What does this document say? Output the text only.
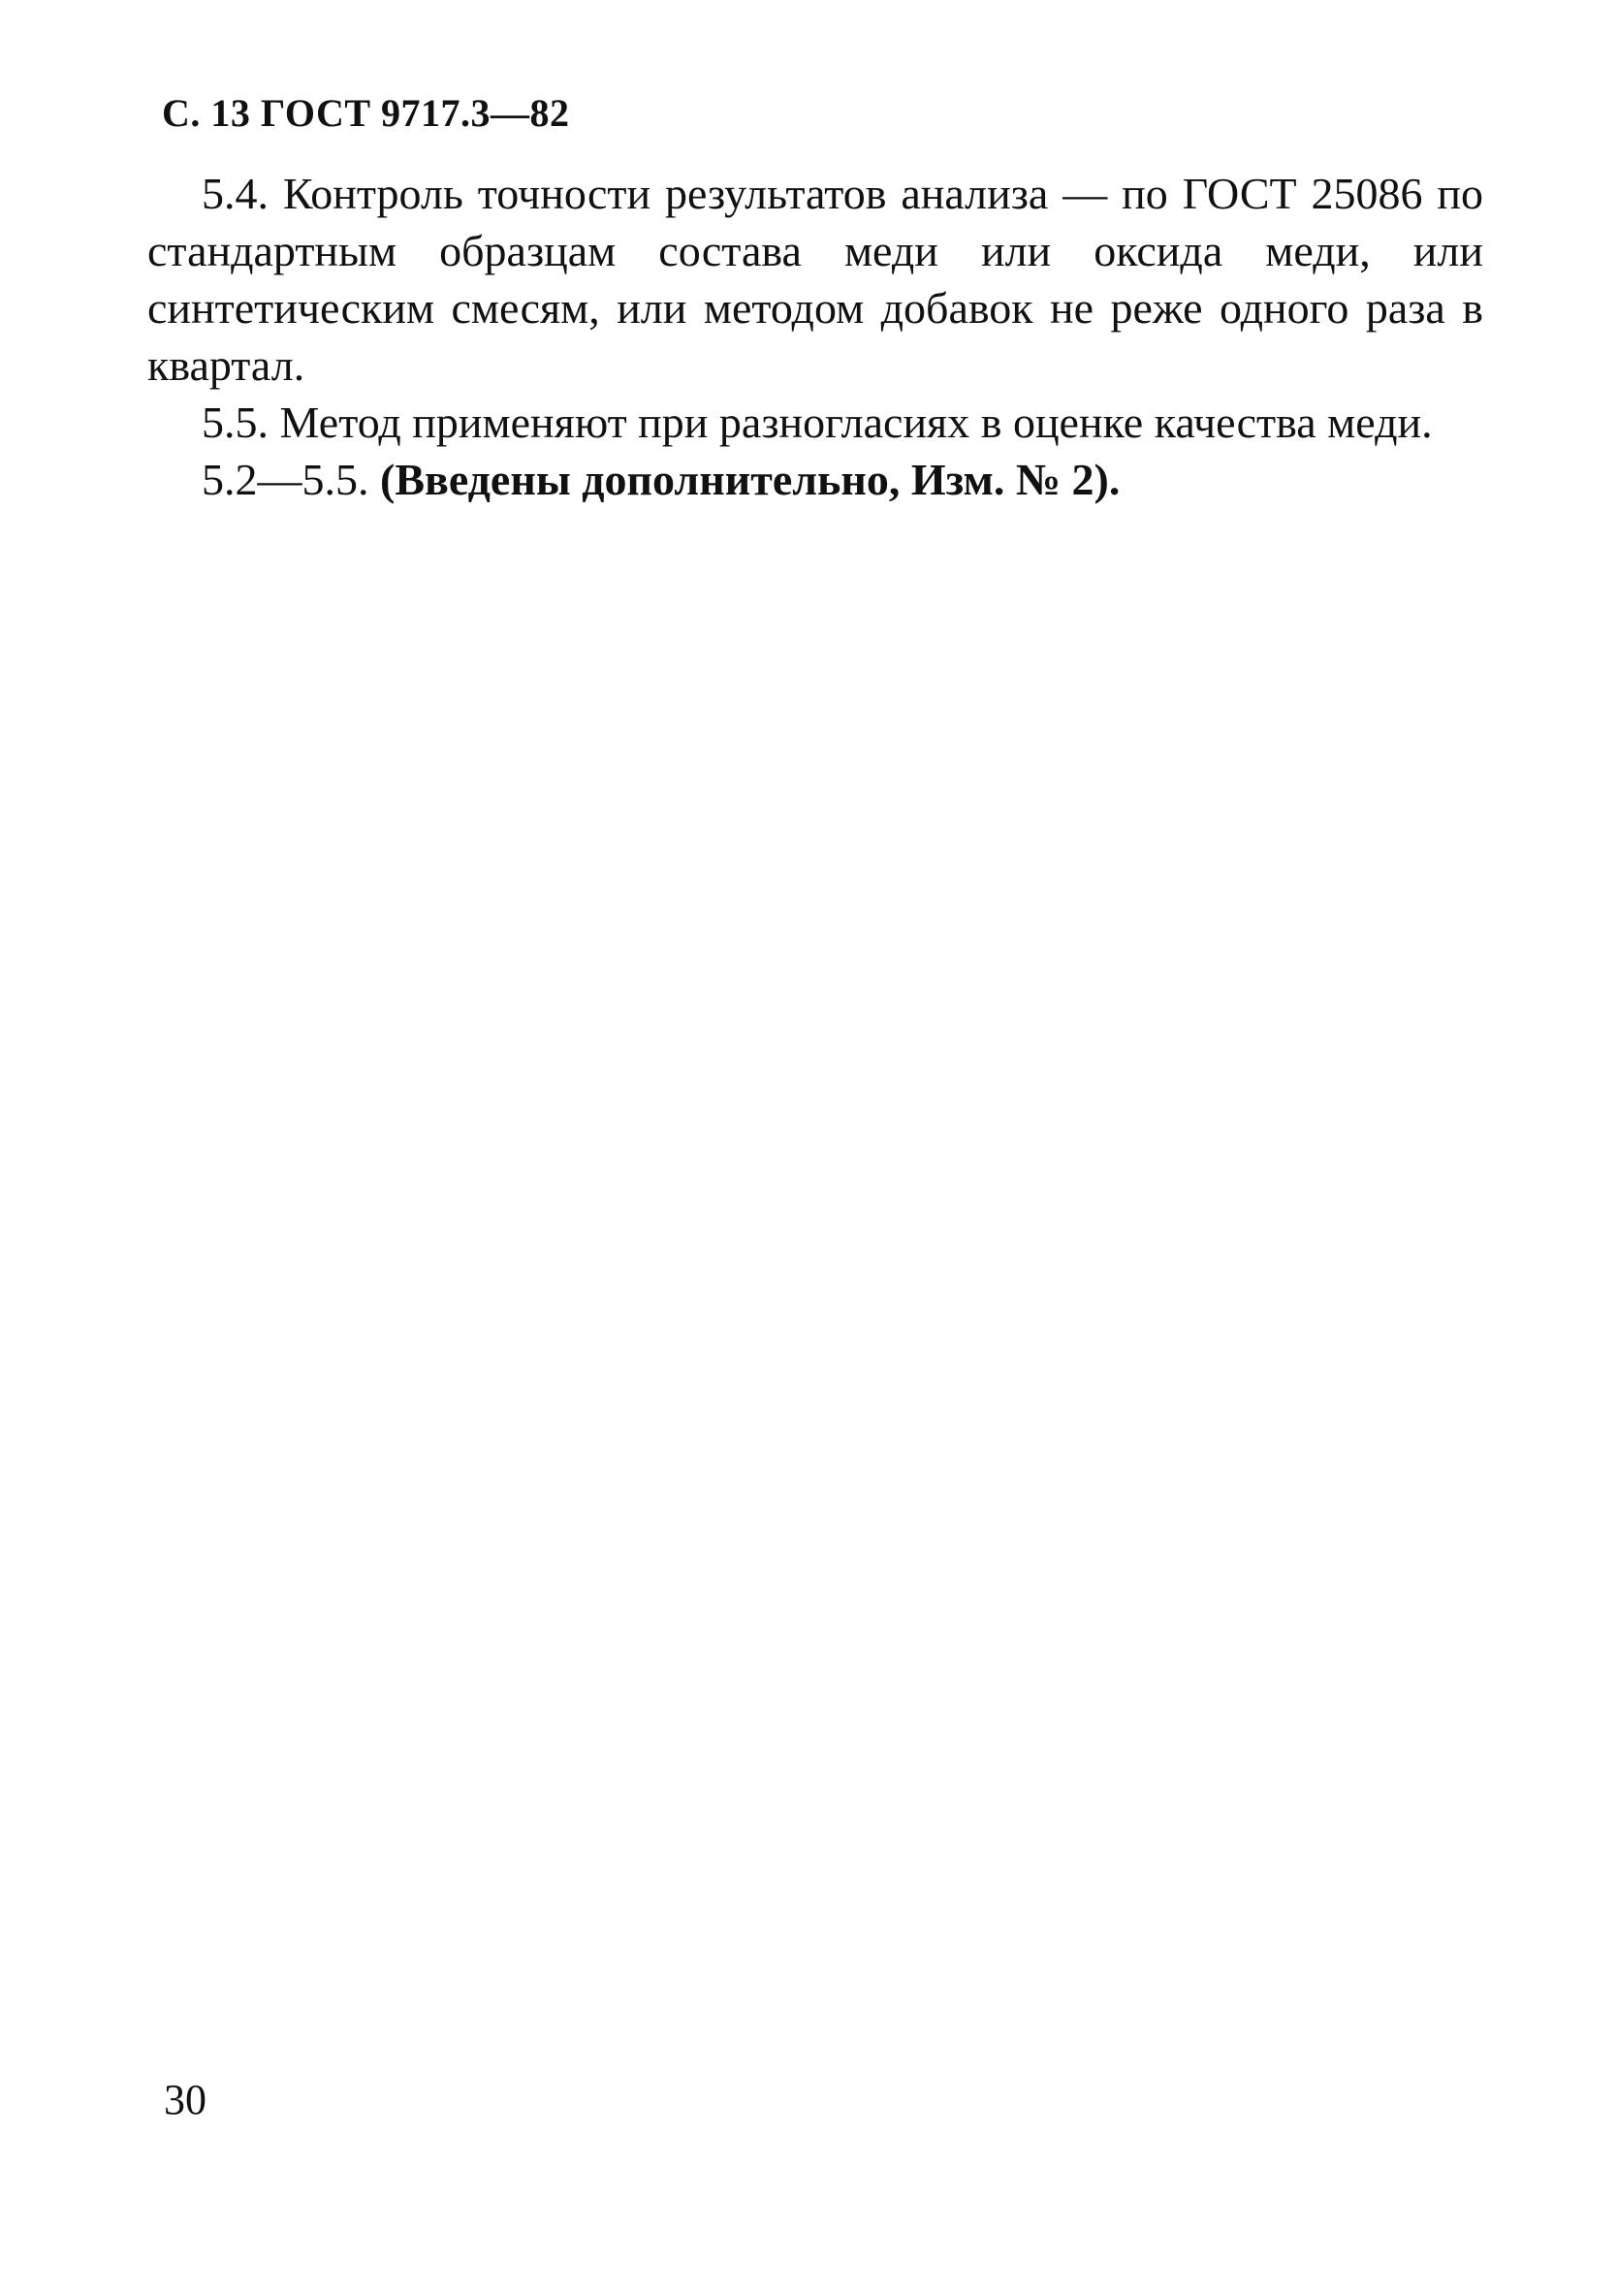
С. 13 ГОСТ 9717.3—82

5.4. Контроль точности результатов анализа — по ГОСТ 25086 по стандартным образцам состава меди или оксида меди, или синтетическим смесям, или методом добавок не реже одного раза в квартал.

5.5. Метод применяют при разногласиях в оценке качества меди.

5.2—5.5. (Введены дополнительно, Изм. № 2).

30
